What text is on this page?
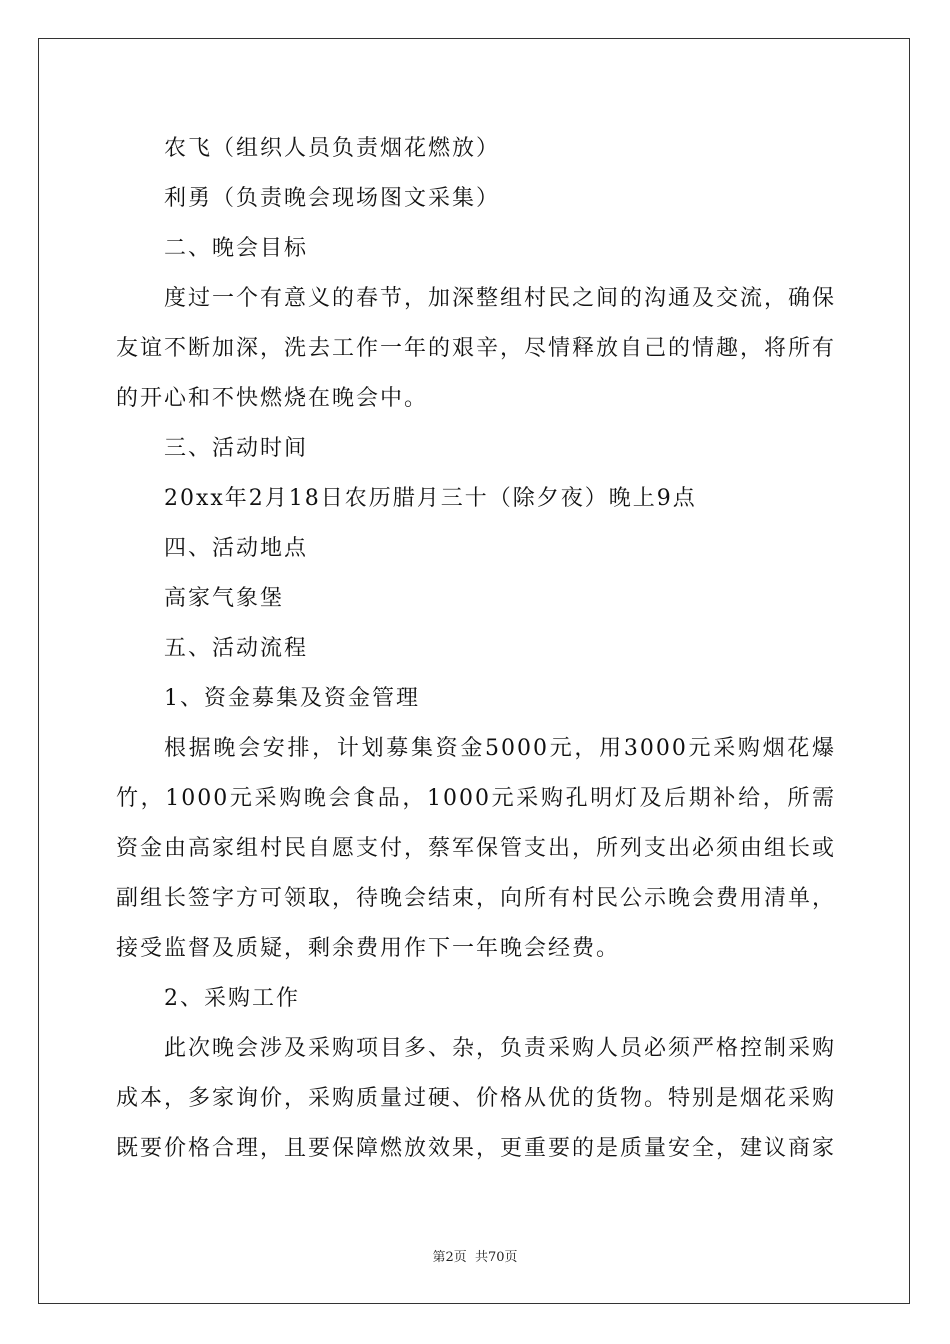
农飞（组织人员负责烟花燃放）

利勇（负责晚会现场图文采集）

二、晚会目标

度过一个有意义的春节，加深整组村民之间的沟通及交流，确保友谊不断加深，洗去工作一年的艰辛，尽情释放自己的情趣，将所有的开心和不快燃烧在晚会中。

三、活动时间

20xx年2月18日农历腊月三十（除夕夜）晚上9点

四、活动地点

高家气象堡

五、活动流程

1、资金募集及资金管理

根据晚会安排，计划募集资金5000元，用3000元采购烟花爆竹，1000元采购晚会食品，1000元采购孔明灯及后期补给，所需资金由高家组村民自愿支付，蔡军保管支出，所列支出必须由组长或副组长签字方可领取，待晚会结束，向所有村民公示晚会费用清单，接受监督及质疑，剩余费用作下一年晚会经费。

2、采购工作

此次晚会涉及采购项目多、杂，负责采购人员必须严格控制采购成本，多家询价，采购质量过硬、价格从优的货物。特别是烟花采购既要价格合理，且要保障燃放效果，更重要的是质量安全，建议商家

第2页 共70页
